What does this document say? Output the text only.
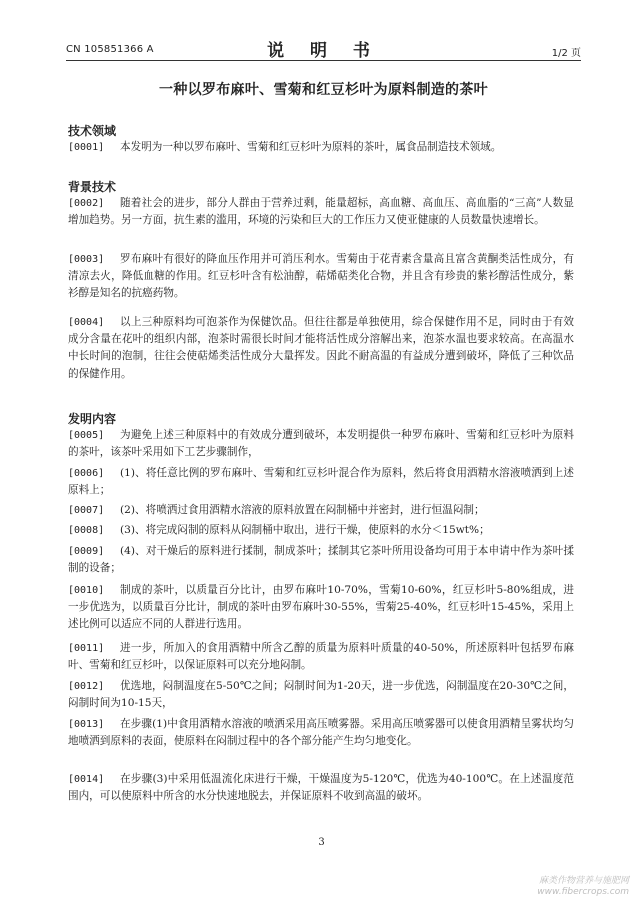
CN 105851366 A	说 明 书	1/2 页
一种以罗布麻叶、雪菊和红豆杉叶为原料制造的茶叶
技术领域
[0001] 本发明为一种以罗布麻叶、雪菊和红豆杉叶为原料的茶叶，属食品制造技术领域。
背景技术
[0002] 随着社会的进步，部分人群由于营养过剩，能量超标，高血糖、高血压、高血脂的“三高”人数显增加趋势。另一方面，抗生素的滥用，环境的污染和巨大的工作压力又使亚健康的人员数量快速增长。
[0003] 罗布麻叶有很好的降血压作用并可消压利水。雪菊由于花青素含量高且富含黄酮类活性成分，有清凉去火，降低血糖的作用。红豆杉叶含有松油醇，萜烯萜类化合物，并且含有珍贵的紫衫醇活性成分，紫衫醇是知名的抗癌药物。
[0004] 以上三种原料均可泡茶作为保健饮品。但往往都是单独使用，综合保健作用不足，同时由于有效成分含量在花叶的组织内部，泡茶时需很长时间才能将活性成分溶解出来，泡茶水温也要求较高。在高温水中长时间的泡制，往往会使萜烯类活性成分大量挥发。因此不耐高温的有益成分遭到破坏，降低了三种饮品的保健作用。
发明内容
[0005] 为避免上述三种原料中的有效成分遭到破坏，本发明提供一种罗布麻叶、雪菊和红豆杉叶为原料的茶叶，该茶叶采用如下工艺步骤制作，
[0006] (1)、将任意比例的罗布麻叶、雪菊和红豆杉叶混合作为原料，然后将食用酒精水溶液喷洒到上述原料上；
[0007] (2)、将喷洒过食用酒精水溶液的原料放置在闷制桶中并密封，进行恒温闷制；
[0008] (3)、将完成闷制的原料从闷制桶中取出，进行干燥，使原料的水分＜15wt%；
[0009] (4)、对干燥后的原料进行揉制，制成茶叶；揉制其它茶叶所用设备均可用于本申请中作为茶叶揉制的设备；
[0010] 制成的茶叶，以质量百分比计，由罗布麻叶10-70%，雪菊10-60%，红豆杉叶5-80%组成，进一步优选为，以质量百分比计，制成的茶叶由罗布麻叶30-55%，雪菊25-40%，红豆杉叶15-45%，采用上述比例可以适应不同的人群进行选用。
[0011] 进一步，所加入的食用酒精中所含乙醇的质量为原料叶质量的40-50%，所述原料叶包括罗布麻叶、雪菊和红豆杉叶，以保证原料可以充分地闷制。
[0012] 优选地，闷制温度在5-50℃之间；闷制时间为1-20天，进一步优选，闷制温度在20-30℃之间，闷制时间为10-15天，
[0013] 在步骤(1)中食用酒精水溶液的喷洒采用高压喷雾器。采用高压喷雾器可以使食用酒精呈雾状均匀地喷洒到原料的表面，使原料在闷制过程中的各个部分能产生均匀地变化。
[0014] 在步骤(3)中采用低温流化床进行干燥，干燥温度为5-120℃，优选为40-100℃。在上述温度范围内，可以使原料中所含的水分快速地脱去，并保证原料不收到高温的破坏。
3
麻类作物营养与施肥网
www.fibercrops.com
